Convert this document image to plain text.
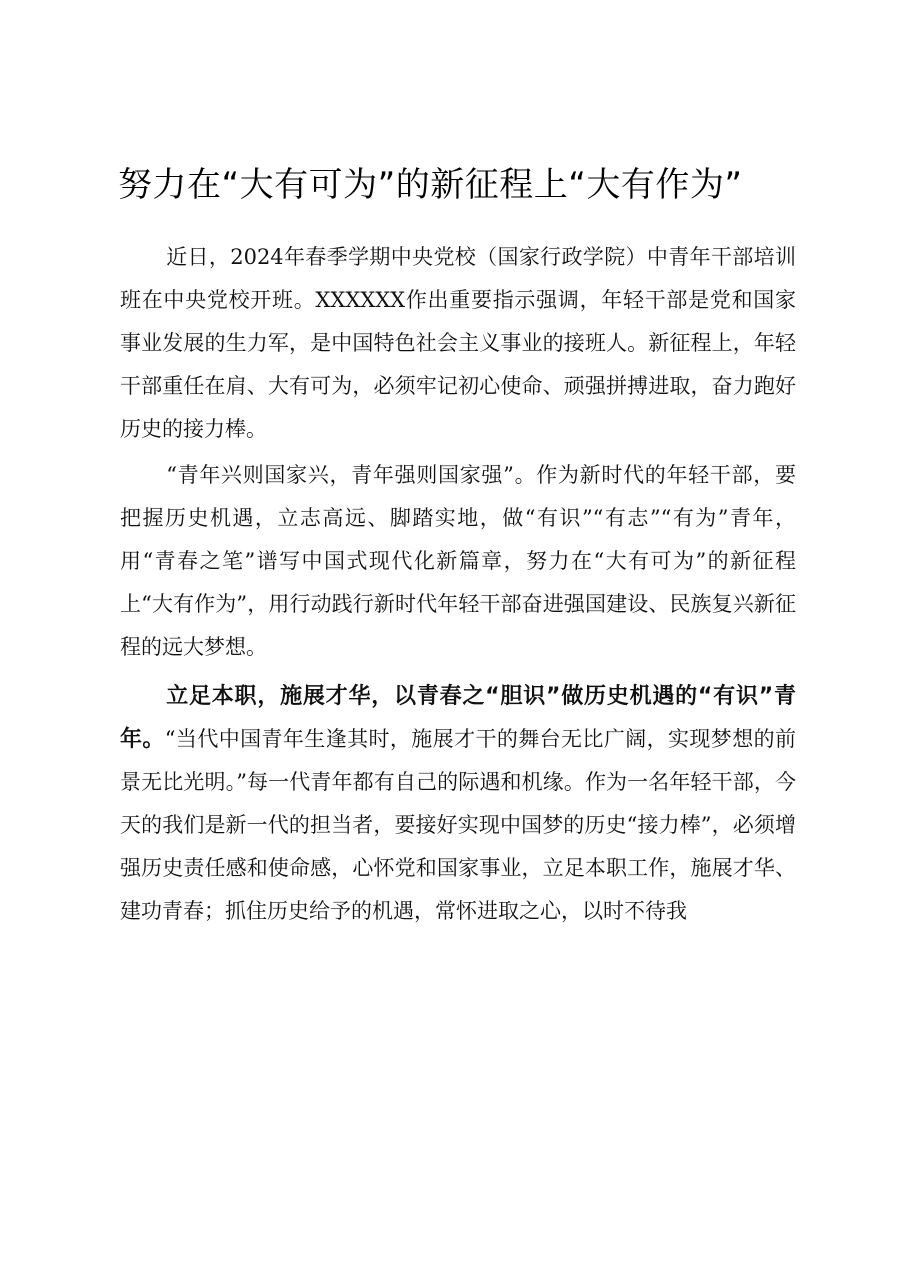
努力在“大有可为”的新征程上“大有作为”

近日，2024年春季学期中央党校（国家行政学院）中青年干部培训班在中央党校开班。XXXXXX作出重要指示强调，年轻干部是党和国家事业发展的生力军，是中国特色社会主义事业的接班人。新征程上，年轻干部重任在肩、大有可为，必须牢记初心使命、顽强拼搏进取，奋力跑好历史的接力棒。

“青年兴则国家兴，青年强则国家强”。作为新时代的年轻干部，要把握历史机遇，立志高远、脚踏实地，做“有识”“有志”“有为”青年，用“青春之笔”谱写中国式现代化新篇章，努力在“大有可为”的新征程上“大有作为”，用行动践行新时代年轻干部奋进强国建设、民族复兴新征程的远大梦想。

立足本职，施展才华，以青春之“胆识”做历史机遇的“有识”青年。“当代中国青年生逢其时，施展才干的舞台无比广阔，实现梦想的前景无比光明。”每一代青年都有自己的际遇和机缘。作为一名年轻干部，今天的我们是新一代的担当者，要接好实现中国梦的历史“接力棒”，必须增强历史责任感和使命感，心怀党和国家事业，立足本职工作，施展才华、建功青春；抓住历史给予的机遇，常怀进取之心，以时不待我
